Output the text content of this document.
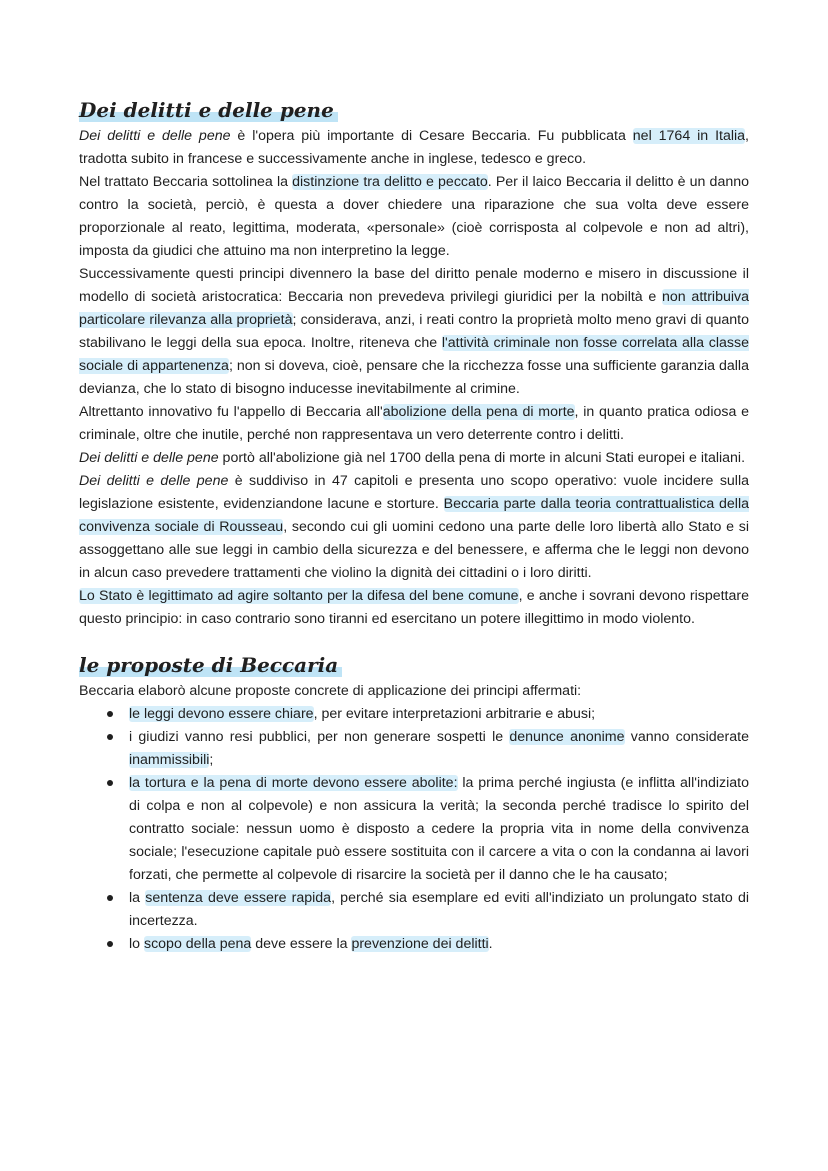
Dei delitti e delle pene

Dei delitti e delle pene è l'opera più importante di Cesare Beccaria. Fu pubblicata nel 1764 in Italia, tradotta subito in francese e successivamente anche in inglese, tedesco e greco.

Nel trattato Beccaria sottolinea la distinzione tra delitto e peccato. Per il laico Beccaria il delitto è un danno contro la società, perciò, è questa a dover chiedere una riparazione che sua volta deve essere proporzionale al reato, legittima, moderata, «personale» (cioè corrisposta al colpevole e non ad altri), imposta da giudici che attuino ma non interpretino la legge.

Successivamente questi principi divennero la base del diritto penale moderno e misero in discussione il modello di società aristocratica: Beccaria non prevedeva privilegi giuridici per la nobiltà e non attribuiva particolare rilevanza alla proprietà; considerava, anzi, i reati contro la proprietà molto meno gravi di quanto stabilivano le leggi della sua epoca. Inoltre, riteneva che l'attività criminale non fosse correlata alla classe sociale di appartenenza; non si doveva, cioè, pensare che la ricchezza fosse una sufficiente garanzia dalla devianza, che lo stato di bisogno inducesse inevitabilmente al crimine.

Altrettanto innovativo fu l'appello di Beccaria all'abolizione della pena di morte, in quanto pratica odiosa e criminale, oltre che inutile, perché non rappresentava un vero deterrente contro i delitti.

Dei delitti e delle pene portò all'abolizione già nel 1700 della pena di morte in alcuni Stati europei e italiani.

Dei delitti e delle pene è suddiviso in 47 capitoli e presenta uno scopo operativo: vuole incidere sulla legislazione esistente, evidenziandone lacune e storture. Beccaria parte dalla teoria contrattualistica della convivenza sociale di Rousseau, secondo cui gli uomini cedono una parte delle loro libertà allo Stato e si assoggettano alle sue leggi in cambio della sicurezza e del benessere, e afferma che le leggi non devono in alcun caso prevedere trattamenti che violino la dignità dei cittadini o i loro diritti.

Lo Stato è legittimato ad agire soltanto per la difesa del bene comune, e anche i sovrani devono rispettare questo principio: in caso contrario sono tiranni ed esercitano un potere illegittimo in modo violento.

le proposte di Beccaria

Beccaria elaborò alcune proposte concrete di applicazione dei principi affermati:

le leggi devono essere chiare, per evitare interpretazioni arbitrarie e abusi;
i giudizi vanno resi pubblici, per non generare sospetti le denunce anonime vanno considerate inammissibili;
la tortura e la pena di morte devono essere abolite: la prima perché ingiusta (e inflitta all'indiziato di colpa e non al colpevole) e non assicura la verità; la seconda perché tradisce lo spirito del contratto sociale: nessun uomo è disposto a cedere la propria vita in nome della convivenza sociale; l'esecuzione capitale può essere sostituita con il carcere a vita o con la condanna ai lavori forzati, che permette al colpevole di risarcire la società per il danno che le ha causato;
la sentenza deve essere rapida, perché sia esemplare ed eviti all'indiziato un prolungato stato di incertezza.
lo scopo della pena deve essere la prevenzione dei delitti.
